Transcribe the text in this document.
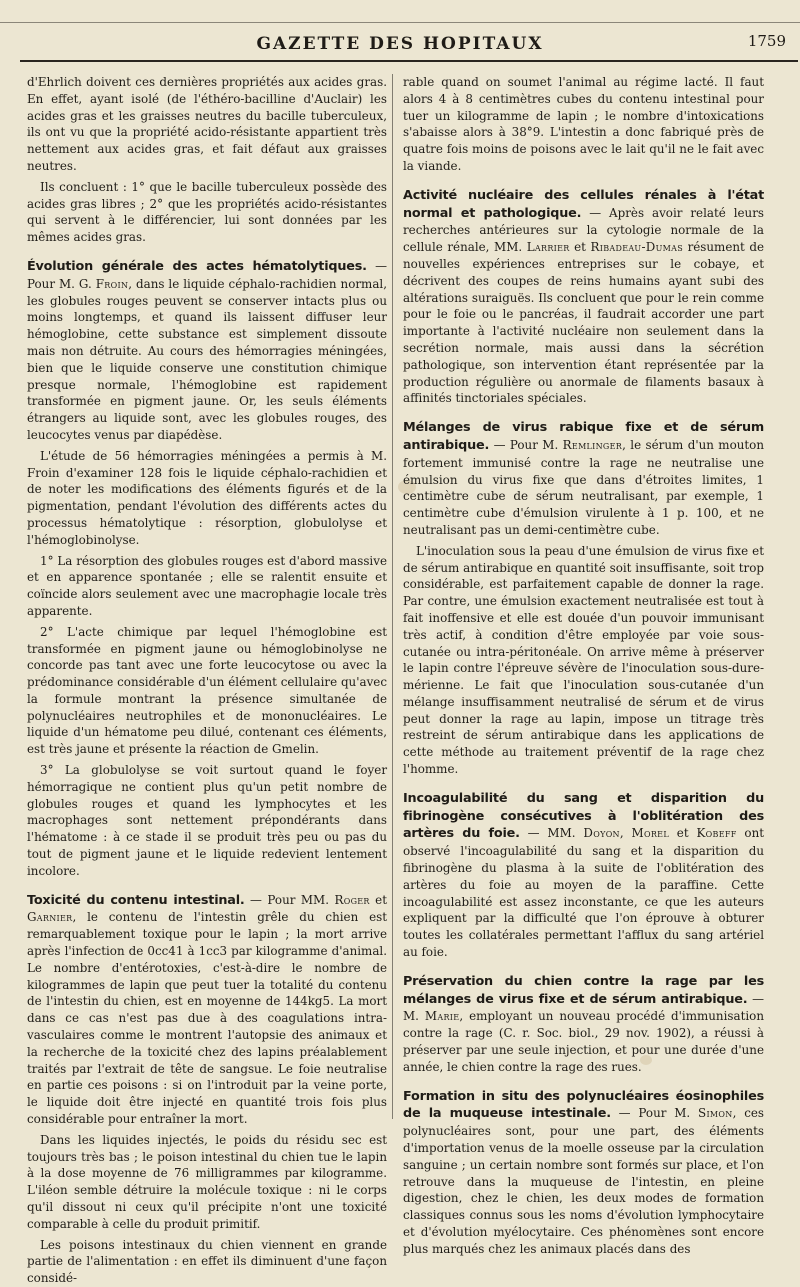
GAZETTE DES HOPITAUX	1759

d'Ehrlich doivent ces dernières propriétés aux acides gras. En effet, ayant isolé (de l'éthéro-bacilline d'Auclair) les acides gras et les graisses neutres du bacille tuberculeux, ils ont vu que la propriété acido-résistante appartient très nettement aux acides gras, et fait défaut aux graisses neutres.

Ils concluent : 1° que le bacille tuberculeux possède des acides gras libres ; 2° que les propriétés acido-résistantes qui servent à le différencier, lui sont données par les mêmes acides gras.

Évolution générale des actes hématolytiques. — Pour M. G. Froin, dans le liquide céphalo-rachidien normal, les globules rouges peuvent se conserver intacts plus ou moins longtemps, et quand ils laissent diffuser leur hémoglobine, cette substance est simplement dissoute mais non détruite. Au cours des hémorragies méningées, bien que le liquide conserve une constitution chimique presque normale, l'hémoglobine est rapidement transformée en pigment jaune. Or, les seuls éléments étrangers au liquide sont, avec les globules rouges, des leucocytes venus par diapédèse.

L'étude de 56 hémorragies méningées a permis à M. Froin d'examiner 128 fois le liquide céphalo-rachidien et de noter les modifications des éléments figurés et de la pigmentation, pendant l'évolution des différents actes du processus hématolytique : résorption, globulolyse et l'hémoglobinolyse.

1° La résorption des globules rouges est d'abord massive et en apparence spontanée ; elle se ralentit ensuite et coïncide alors seulement avec une macrophagie locale très apparente.

2° L'acte chimique par lequel l'hémoglobine est transformée en pigment jaune ou hémoglobinolyse ne concorde pas tant avec une forte leucocytose ou avec la prédominance considérable d'un élément cellulaire qu'avec la formule montrant la présence simultanée de polynucléaires neutrophiles et de mononucléaires. Le liquide d'un hématome peu dilué, contenant ces éléments, est très jaune et présente la réaction de Gmelin.

3° La globulolyse se voit surtout quand le foyer hémorragique ne contient plus qu'un petit nombre de globules rouges et quand les lymphocytes et les macrophages sont nettement prépondérants dans l'hématome : à ce stade il se produit très peu ou pas du tout de pigment jaune et le liquide redevient lentement incolore.

Toxicité du contenu intestinal. — Pour MM. Roger et Garnier, le contenu de l'intestin grêle du chien est remarquablement toxique pour le lapin ; la mort arrive après l'infection de 0cc41 à 1cc3 par kilogramme d'animal. Le nombre d'entérotoxies, c'est-à-dire le nombre de kilogrammes de lapin que peut tuer la totalité du contenu de l'intestin du chien, est en moyenne de 144kg5. La mort dans ce cas n'est pas due à des coagulations intra-vasculaires comme le montrent l'autopsie des animaux et la recherche de la toxicité chez des lapins préalablement traités par l'extrait de tête de sangsue. Le foie neutralise en partie ces poisons : si on l'introduit par la veine porte, le liquide doit être injecté en quantité trois fois plus considérable pour entraîner la mort.

Dans les liquides injectés, le poids du résidu sec est toujours très bas ; le poison intestinal du chien tue le lapin à la dose moyenne de 76 milligrammes par kilogramme. L'iléon semble détruire la molécule toxique : ni le corps qu'il dissout ni ceux qu'il précipite n'ont une toxicité comparable à celle du produit primitif.

Les poisons intestinaux du chien viennent en grande partie de l'alimentation : en effet ils diminuent d'une façon considé-

rable quand on soumet l'animal au régime lacté. Il faut alors 4 à 8 centimètres cubes du contenu intestinal pour tuer un kilogramme de lapin ; le nombre d'intoxications s'abaisse alors à 38°9. L'intestin a donc fabriqué près de quatre fois moins de poisons avec le lait qu'il ne le fait avec la viande.

Activité nucléaire des cellules rénales à l'état normal et pathologique. — Après avoir relaté leurs recherches antérieures sur la cytologie normale de la cellule rénale, MM. Larrier et Ribadeau-Dumas résument de nouvelles expériences entreprises sur le cobaye, et décrivent des coupes de reins humains ayant subi des altérations suraiguës. Ils concluent que pour le rein comme pour le foie ou le pancréas, il faudrait accorder une part importante à l'activité nucléaire non seulement dans la secrétion normale, mais aussi dans la sécrétion pathologique, son intervention étant représentée par la production régulière ou anormale de filaments basaux à affinités tinctoriales spéciales.

Mélanges de virus rabique fixe et de sérum antirabique. — Pour M. Remlinger, le sérum d'un mouton fortement immunisé contre la rage ne neutralise une émulsion du virus fixe que dans d'étroites limites, 1 centimètre cube de sérum neutralisant, par exemple, 1 centimètre cube d'émulsion virulente à 1 p. 100, et ne neutralisant pas un demi-centimètre cube.

L'inoculation sous la peau d'une émulsion de virus fixe et de sérum antirabique en quantité soit insuffisante, soit trop considérable, est parfaitement capable de donner la rage. Par contre, une émulsion exactement neutralisée est tout à fait inoffensive et elle est douée d'un pouvoir immunisant très actif, à condition d'être employée par voie sous-cutanée ou intra-péritonéale. On arrive même à préserver le lapin contre l'épreuve sévère de l'inoculation sous-dure-mérienne. Le fait que l'inoculation sous-cutanée d'un mélange insuffisamment neutralisé de sérum et de virus peut donner la rage au lapin, impose un titrage très restreint de sérum antirabique dans les applications de cette méthode au traitement préventif de la rage chez l'homme.

Incoagulabilité du sang et disparition du fibrinogène consécutives à l'oblitération des artères du foie. — MM. Doyon, Morel et Kobeff ont observé l'incoagulabilité du sang et la disparition du fibrinogène du plasma à la suite de l'oblitération des artères du foie au moyen de la paraffine. Cette incoagulabilité est assez inconstante, ce que les auteurs expliquent par la difficulté que l'on éprouve à obturer toutes les collatérales permettant l'afflux du sang artériel au foie.

Préservation du chien contre la rage par les mélanges de virus fixe et de sérum antirabique. — M. Marie, employant un nouveau procédé d'immunisation contre la rage (C. r. Soc. biol., 29 nov. 1902), a réussi à préserver par une seule injection, et pour une durée d'une année, le chien contre la rage des rues.

Formation in situ des polynucléaires éosinophiles de la muqueuse intestinale. — Pour M. Simon, ces polynucléaires sont, pour une part, des éléments d'importation venus de la moelle osseuse par la circulation sanguine ; un certain nombre sont formés sur place, et l'on retrouve dans la muqueuse de l'intestin, en pleine digestion, chez le chien, les deux modes de formation classiques connus sous les noms d'évolution lymphocytaire et d'évolution myélocytaire. Ces phénomènes sont encore plus marqués chez les animaux placés dans des
